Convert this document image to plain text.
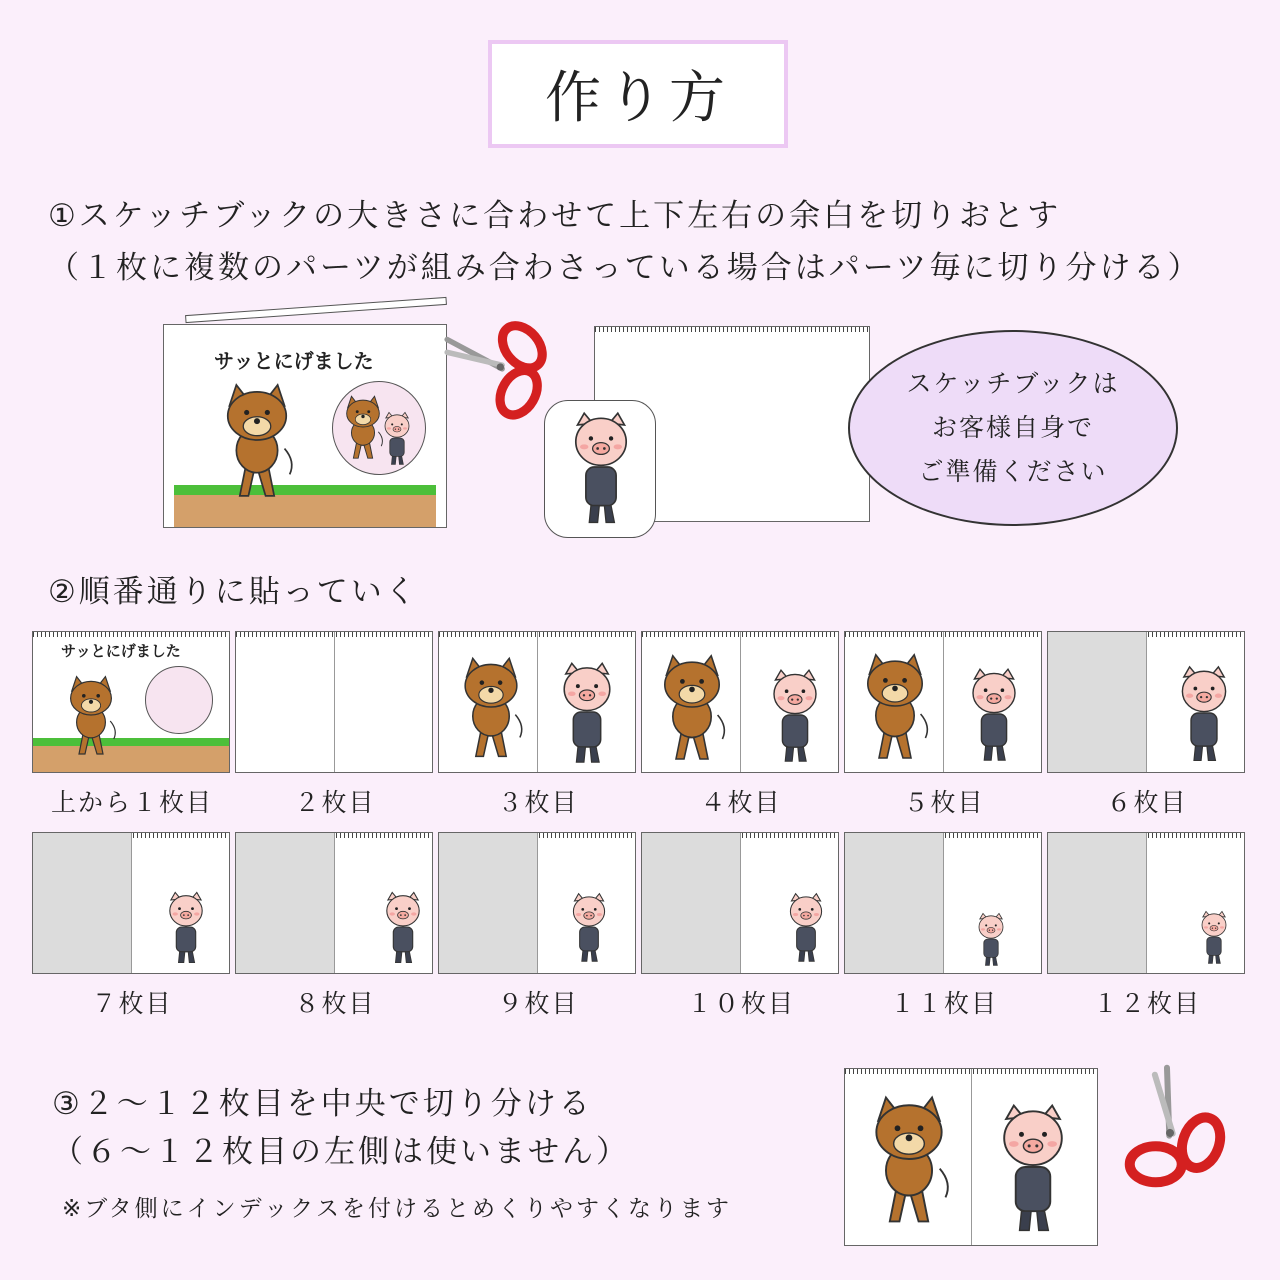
作り方
①スケッチブックの大きさに合わせて上下左右の余白を切りおとす
（１枚に複数のパーツが組み合わさっている場合はパーツ毎に切り分ける）
サッとにげました
スケッチブックは
お客様自身で
ご準備ください
②順番通りに貼っていく
サッとにげました
上から１枚目	２枚目	３枚目	４枚目	５枚目	６枚目
７枚目	８枚目	９枚目	１０枚目	１１枚目	１２枚目
③２～１２枚目を中央で切り分ける
（６～１２枚目の左側は使いません）
※ブタ側にインデックスを付けるとめくりやすくなります
